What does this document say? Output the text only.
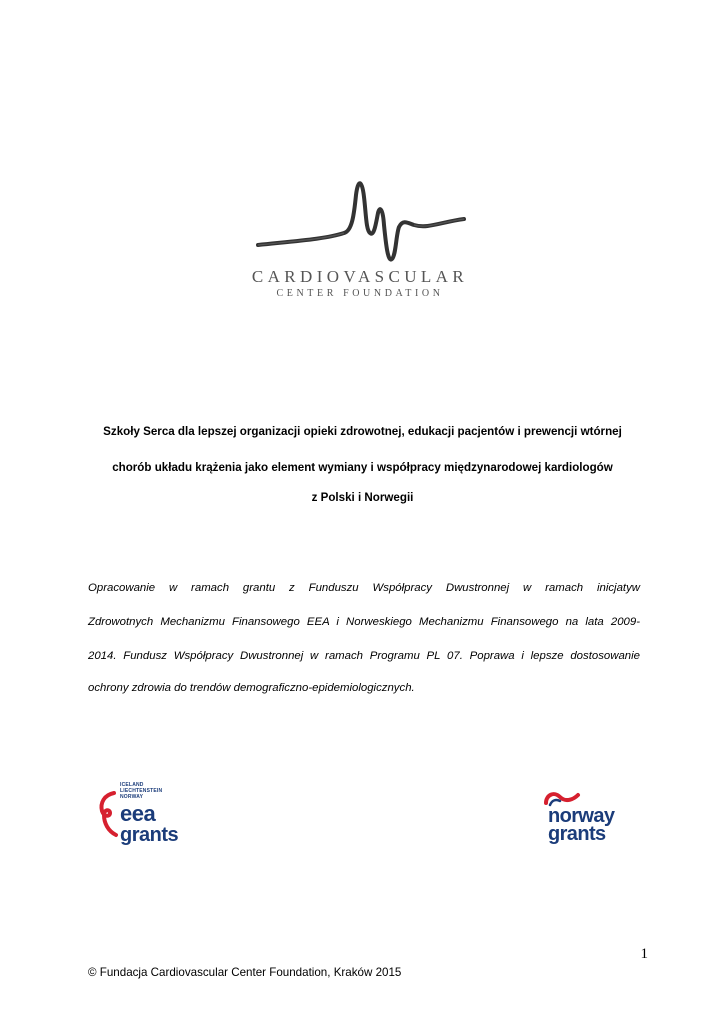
CARDIOVASCULAR
CENTER FOUNDATION
Szkoły Serca dla lepszej organizacji opieki zdrowotnej, edukacji pacjentów i prewencji wtórnej
chorób układu krążenia jako element wymiany i współpracy międzynarodowej kardiologów
z Polski i Norwegii
Opracowanie w ramach grantu z Funduszu Współpracy Dwustronnej w ramach inicjatyw
Zdrowotnych Mechanizmu Finansowego EEA i Norweskiego Mechanizmu Finansowego na lata 2009-
2014. Fundusz Współpracy Dwustronnej w ramach Programu PL 07. Poprawa i lepsze dostosowanie
ochrony zdrowia do trendów demograficzno-epidemiologicznych.
ICELAND
LIECHTENSTEIN
NORWAY
eea
grants
norway
grants
1
© Fundacja Cardiovascular Center Foundation, Kraków 2015
